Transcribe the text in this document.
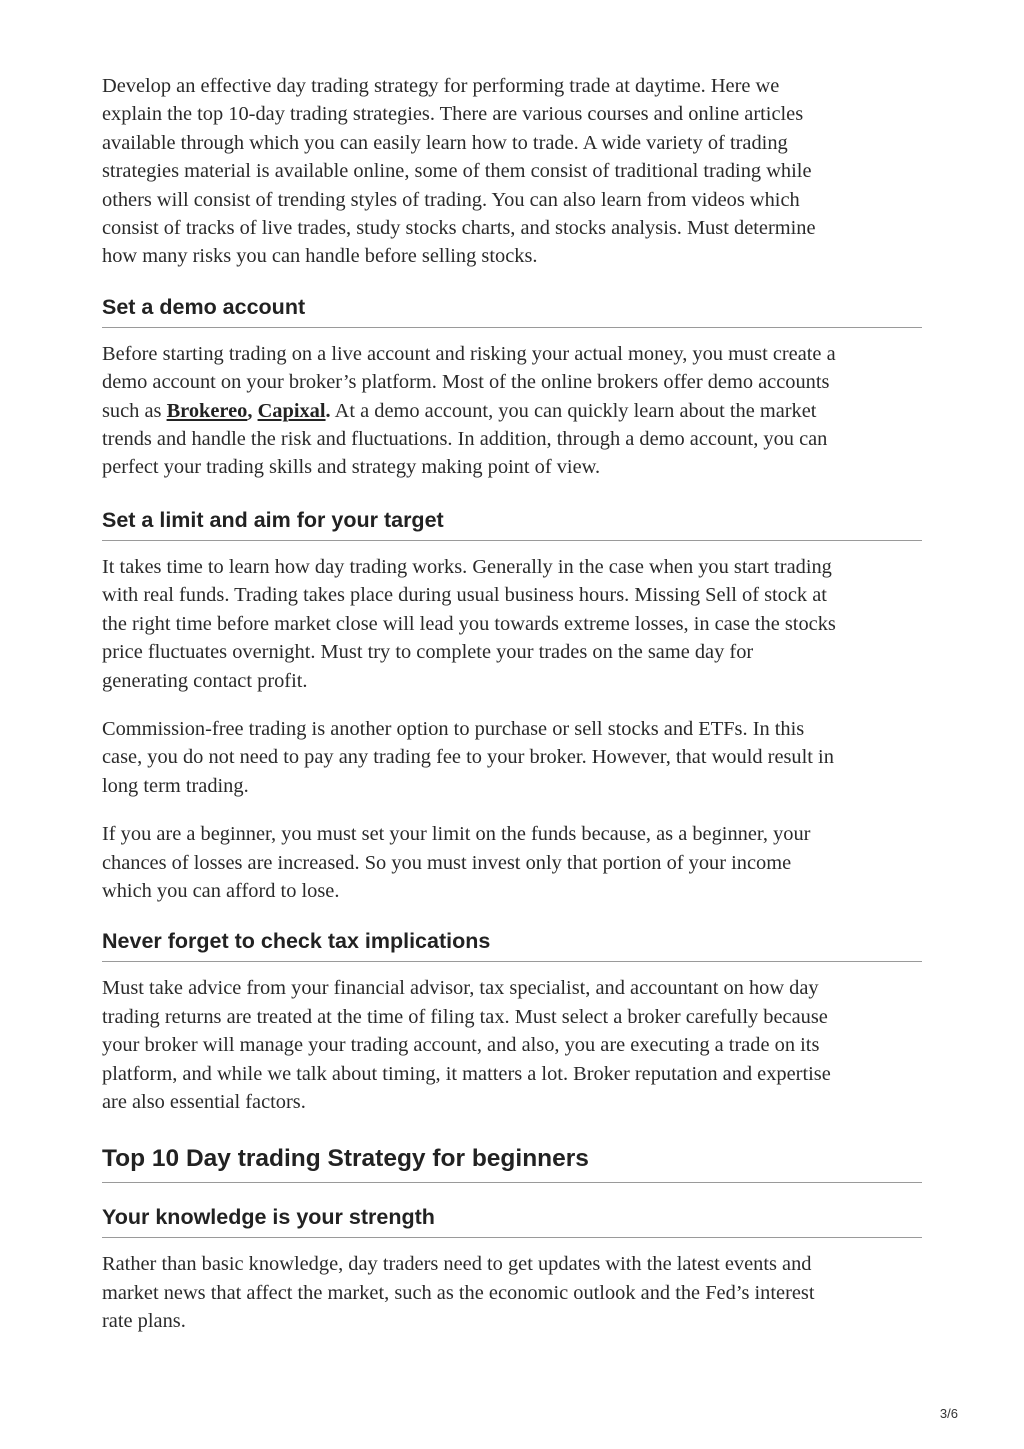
Develop an effective day trading strategy for performing trade at daytime. Here we
explain the top 10-day trading strategies. There are various courses and online articles
available through which you can easily learn how to trade. A wide variety of trading
strategies material is available online, some of them consist of traditional trading while
others will consist of trending styles of trading. You can also learn from videos which
consist of tracks of live trades, study stocks charts, and stocks analysis. Must determine
how many risks you can handle before selling stocks.

Set a demo account

Before starting trading on a live account and risking your actual money, you must create a
demo account on your broker’s platform. Most of the online brokers offer demo accounts
such as Brokereo, Capixal. At a demo account, you can quickly learn about the market
trends and handle the risk and fluctuations. In addition, through a demo account, you can
perfect your trading skills and strategy making point of view.

Set a limit and aim for your target

It takes time to learn how day trading works. Generally in the case when you start trading
with real funds. Trading takes place during usual business hours. Missing Sell of stock at
the right time before market close will lead you towards extreme losses, in case the stocks
price fluctuates overnight. Must try to complete your trades on the same day for
generating contact profit.

Commission-free trading is another option to purchase or sell stocks and ETFs. In this
case, you do not need to pay any trading fee to your broker. However, that would result in
long term trading.

If you are a beginner, you must set your limit on the funds because, as a beginner, your
chances of losses are increased. So you must invest only that portion of your income
which you can afford to lose.

Never forget to check tax implications

Must take advice from your financial advisor, tax specialist, and accountant on how day
trading returns are treated at the time of filing tax. Must select a broker carefully because
your broker will manage your trading account, and also, you are executing a trade on its
platform, and while we talk about timing, it matters a lot. Broker reputation and expertise
are also essential factors.

Top 10 Day trading Strategy for beginners
Your knowledge is your strength

Rather than basic knowledge, day traders need to get updates with the latest events and
market news that affect the market, such as the economic outlook and the Fed’s interest
rate plans.

3/6
